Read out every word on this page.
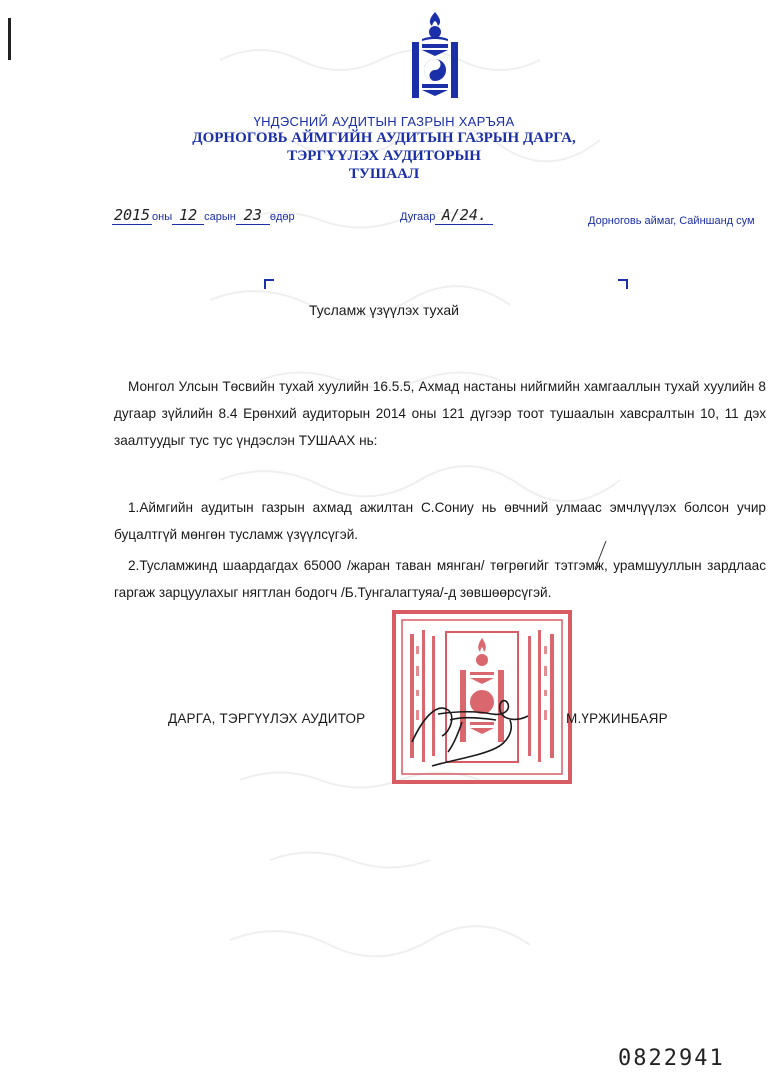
ҮНДЭСНИЙ АУДИТЫН ГАЗРЫН ХАРЪЯА
ДОРНОГОВЬ АЙМГИЙН АУДИТЫН ГАЗРЫН ДАРГА,
ТЭРГҮҮЛЭХ АУДИТОРЫН
ТУШААЛ
2015 оны 12 сарын 23 өдөр	Дугаар А/24.	Дорноговь аймаг, Сайншанд сум
Тусламж үзүүлэх тухай
Монгол Улсын Төсвийн тухай хуулийн 16.5.5, Ахмад настаны нийгмийн хамгааллын тухай хуулийн 8 дугаар зүйлийн 8.4 Ерөнхий аудиторын 2014 оны 121 дүгээр тоот тушаалын хавсралтын 10, 11 дэх заалтуудыг тус тус үндэслэн ТУШААХ нь:
1.Аймгийн аудитын газрын ахмад ажилтан С.Сониу нь өвчний улмаас эмчлүүлэх болсон учир буцалтгүй мөнгөн тусламж үзүүлсүгэй.
2.Тусламжинд шаардагдах 65000 /жаран таван мянган/ төгрөгийг тэтгэмж, урамшууллын зардлаас гаргаж зарцуулахыг нягтлан бодогч /Б.Тунгалагтуяа/-д зөвшөөрсүгэй.
ДАРГА, ТЭРГҮҮЛЭХ АУДИТОР	М.ҮРЖИНБАЯР
0822941
